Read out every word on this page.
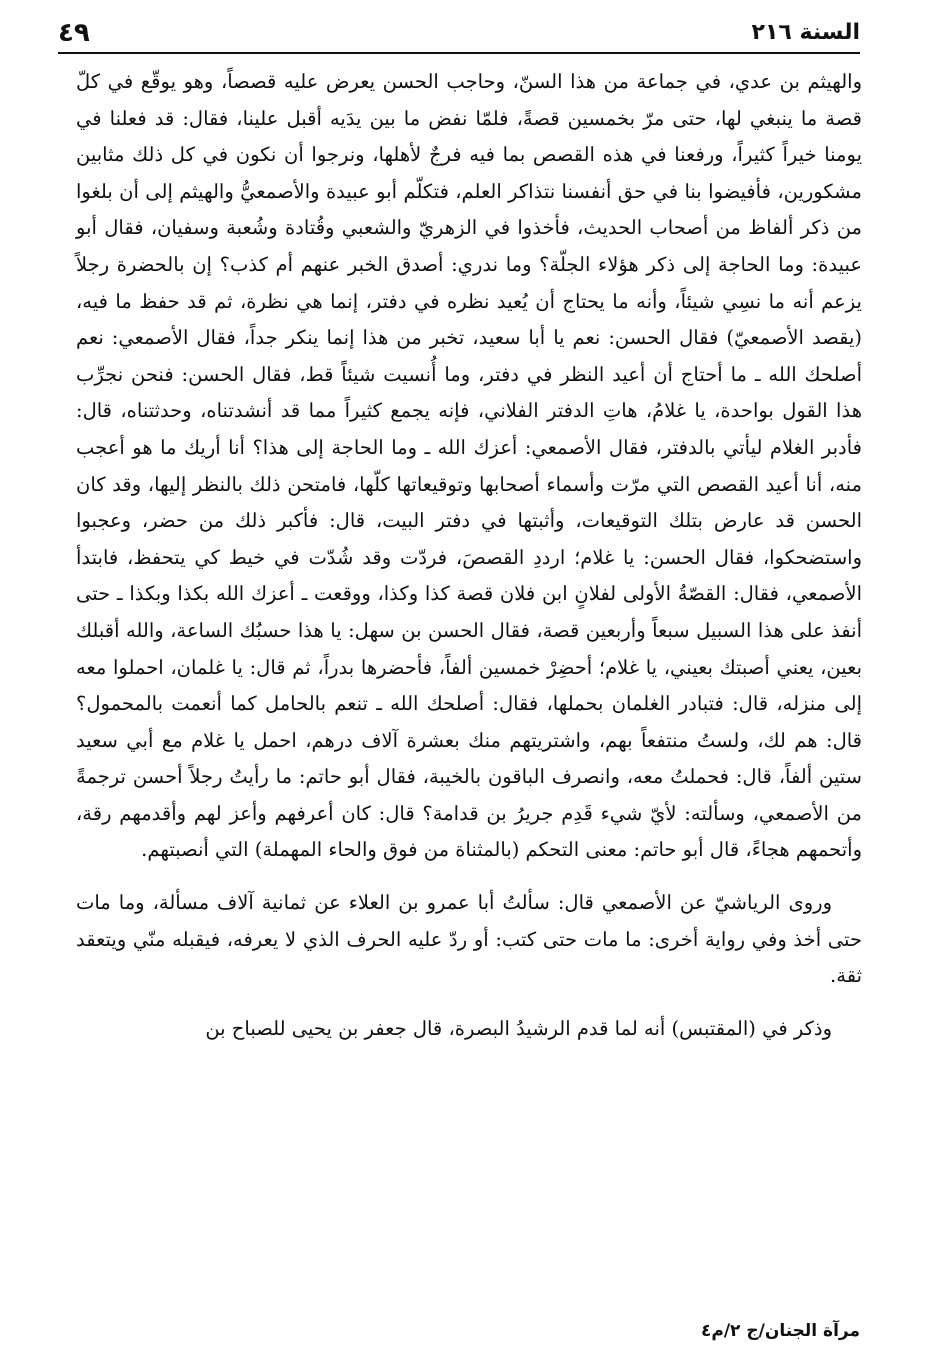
السنة ٢١٦
٤٩

والهيثم بن عدي، في جماعة من هذا السنّ، وحاجب الحسن يعرض عليه قصصاً، وهو يوقّع في كلّ قصة ما ينبغي لها، حتى مرّ بخمسين قصةً، فلمّا نفض ما بين يدَيه أقبل علينا، فقال: قد فعلنا في يومنا خيراً كثيراً، ورفعنا في هذه القصص بما فيه فرجٌ لأهلها، ونرجوا أن نكون في كل ذلك مثابين مشكورين، فأفيضوا بنا في حق أنفسنا نتذاكر العلم، فتكلّم أبو عبيدة والأصمعيُّ والهيثم إلى أن بلغوا من ذكر ألفاظ من أصحاب الحديث، فأخذوا في الزهريّ والشعبي وقُتادة وشُعبة وسفيان، فقال أبو عبيدة: وما الحاجة إلى ذكر هؤلاء الجلّة؟ وما ندري: أصدق الخبر عنهم أم كذب؟ إن بالحضرة رجلاً يزعم أنه ما نسِي شيئاً، وأنه ما يحتاج أن يُعيد نظره في دفتر، إنما هي نظرة، ثم قد حفظ ما فيه، (يقصد الأصمعيّ) فقال الحسن: نعم يا أبا سعيد، تخبر من هذا إنما ينكر جداً، فقال الأصمعي: نعم أصلحك الله ـ ما أحتاج أن أعيد النظر في دفتر، وما أُنسيت شيئاً قط، فقال الحسن: فنحن نجرِّب هذا القول بواحدة، يا غلامُ، هاتِ الدفتر الفلاني، فإنه يجمع كثيراً مما قد أنشدتناه، وحدثتناه، قال: فأدبر الغلام ليأتي بالدفتر، فقال الأصمعي: أعزك الله ـ وما الحاجة إلى هذا؟ أنا أريك ما هو أعجب منه، أنا أعيد القصص التي مرّت وأسماء أصحابها وتوقيعاتها كلّها، فامتحن ذلك بالنظر إليها، وقد كان الحسن قد عارض بتلك التوقيعات، وأثبتها في دفتر البيت، قال: فأكبر ذلك من حضر، وعجبوا واستضحكوا، فقال الحسن: يا غلام؛ ارددِ القصصَ، فردّت وقد شُدّت في خيط كي يتحفظ، فابتدأ الأصمعي، فقال: القصّةُ الأولى لفلانٍ ابن فلان قصة كذا وكذا، ووقعت ـ أعزك الله بكذا وبكذا ـ حتى أنفذ على هذا السبيل سبعاً وأربعين قصة، فقال الحسن بن سهل: يا هذا حسبُك الساعة، والله أقبلك بعين، يعني أصبتك بعيني، يا غلام؛ أحضِرْ خمسين ألفاً، فأحضرها بدراً، ثم قال: يا غلمان، احملوا معه إلى منزله، قال: فتبادر الغلمان بحملها، فقال: أصلحك الله ـ تنعم بالحامل كما أنعمت بالمحمول؟ قال: هم لك، ولستُ منتفعاً بهم، واشتريتهم منك بعشرة آلاف درهم، احمل يا غلام مع أبي سعيد ستين ألفاً، قال: فحملتُ معه، وانصرف الباقون بالخيبة، فقال أبو حاتم: ما رأيتُ رجلاً أحسن ترجمةً من الأصمعي، وسألته: لأيّ شيء قَدِم جريرُ بن قدامة؟ قال: كان أعرفهم وأعز لهم وأقدمهم رقة، وأتحمهم هجاءً، قال أبو حاتم: معنى التحكم (بالمثناة من فوق والحاء المهملة) التي أنصبتهم.

وروى الرياشيّ عن الأصمعي قال: سألتُ أبا عمرو بن العلاء عن ثمانية آلاف مسألة، وما مات حتى أخذ وفي رواية أخرى: ما مات حتى كتب: أو ردّ عليه الحرف الذي لا يعرفه، فيقبله منّي ويتعقد ثقة.

وذكر في (المقتبس) أنه لما قدم الرشيدُ البصرة، قال جعفر بن يحيى للصباح بن

مرآة الجنان/ج ٢/م٤
